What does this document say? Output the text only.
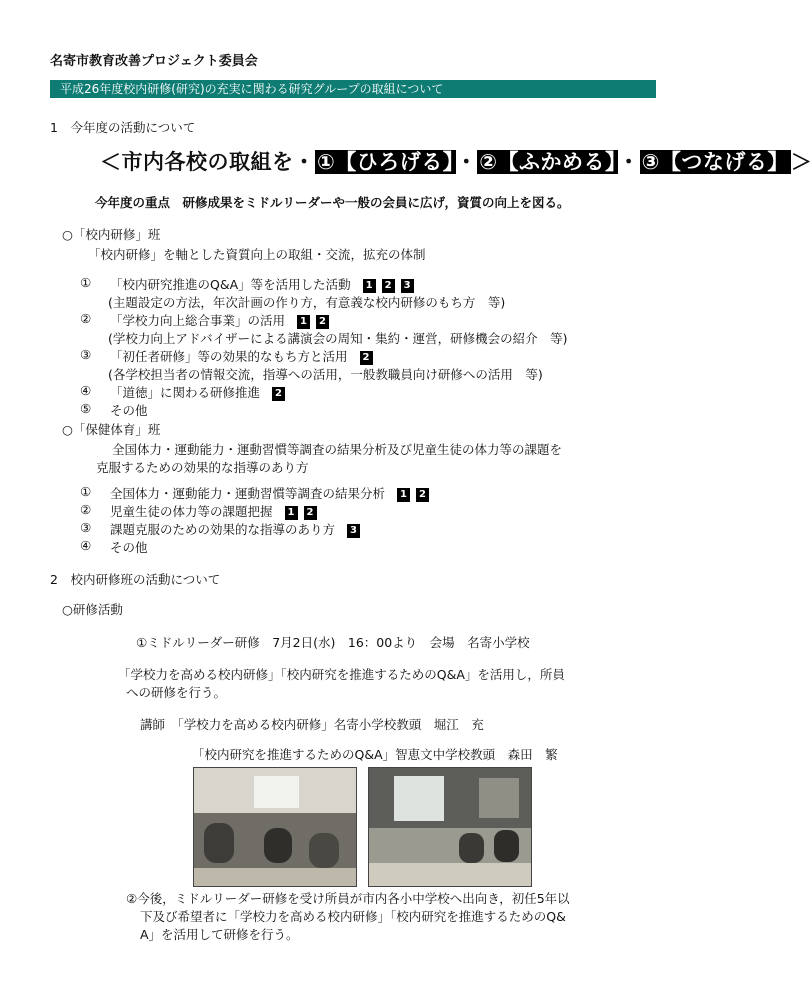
名寄市教育改善プロジェクト委員会
平成26年度校内研修(研究)の充実に関わる研究グループの取組について
1　今年度の活動について
＜市内各校の取組を・①【ひろげる】・②【ふかめる】・③【つなげる】＞
今年度の重点　研修成果をミドルリーダーや一般の会員に広げ，資質の向上を図る。
○「校内研修」班
「校内研修」を軸とした資質向上の取組・交流，拡充の体制
① 「校内研究推進のQ&A」等を活用した活動 1 2 3
(主題設定の方法，年次計画の作り方，有意義な校内研修のもち方　等)
② 「学校力向上総合事業」の活用 1 2
(学校力向上アドバイザーによる講演会の周知・集約・運営，研修機会の紹介　等)
③ 「初任者研修」等の効果的なもち方と活用 2
(各学校担当者の情報交流，指導への活用，一般教職員向け研修への活用　等)
④ 「道徳」に関わる研修推進 2
⑤ その他
○「保健体育」班
全国体力・運動能力・運動習慣等調査の結果分析及び児童生徒の体力等の課題を
克服するための効果的な指導のあり方
① 全国体力・運動能力・運動習慣等調査の結果分析 1 2
② 児童生徒の体力等の課題把握 1 2
③ 課題克服のための効果的な指導のあり方 3
④ その他
2　校内研修班の活動について
○研修活動
①ミドルリーダー研修　7月2日(水)　16：00より　会場　名寄小学校
「学校力を高める校内研修」「校内研究を推進するためのQ&A」を活用し，所員
への研修を行う。
講師　「学校力を高める校内研修」名寄小学校教頭　堀江　充
「校内研究を推進するためのQ&A」智恵文中学校教頭　森田　繁
②今後，ミドルリーダー研修を受け所員が市内各小中学校へ出向き，初任5年以
下及び希望者に「学校力を高める校内研修」「校内研究を推進するためのQ&
A」を活用して研修を行う。
